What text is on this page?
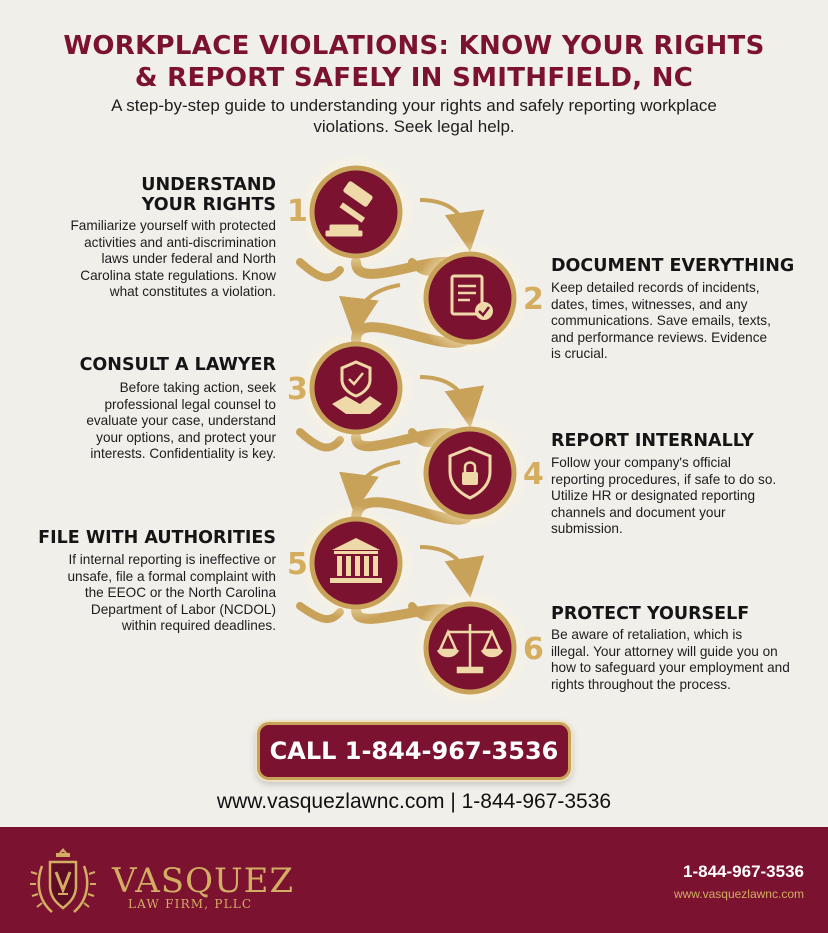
WORKPLACE VIOLATIONS: KNOW YOUR RIGHTS
& REPORT SAFELY IN SMITHFIELD, NC
A step-by-step guide to understanding your rights and safely reporting workplace violations. Seek legal help.
1
2
3
4
5
6
UNDERSTAND
YOUR RIGHTS
Familiarize yourself with protected
activities and anti-discrimination
laws under federal and North
Carolina state regulations. Know
what constitutes a violation.
DOCUMENT EVERYTHING
Keep detailed records of incidents,
dates, times, witnesses, and any
communications. Save emails, texts,
and performance reviews. Evidence
is crucial.
CONSULT A LAWYER
Before taking action, seek
professional legal counsel to
evaluate your case, understand
your options, and protect your
interests. Confidentiality is key.
REPORT INTERNALLY
Follow your company's official
reporting procedures, if safe to do so.
Utilize HR or designated reporting
channels and document your
submission.
FILE WITH AUTHORITIES
If internal reporting is ineffective or
unsafe, file a formal complaint with
the EEOC or the North Carolina
Department of Labor (NCDOL)
within required deadlines.
PROTECT YOURSELF
Be aware of retaliation, which is
illegal. Your attorney will guide you on
how to safeguard your employment and
rights throughout the process.
CALL 1-844-967-3536
www.vasquezlawnc.com | 1-844-967-3536
VASQUEZ
LAW FIRM, PLLC
1-844-967-3536
www.vasquezlawnc.com
